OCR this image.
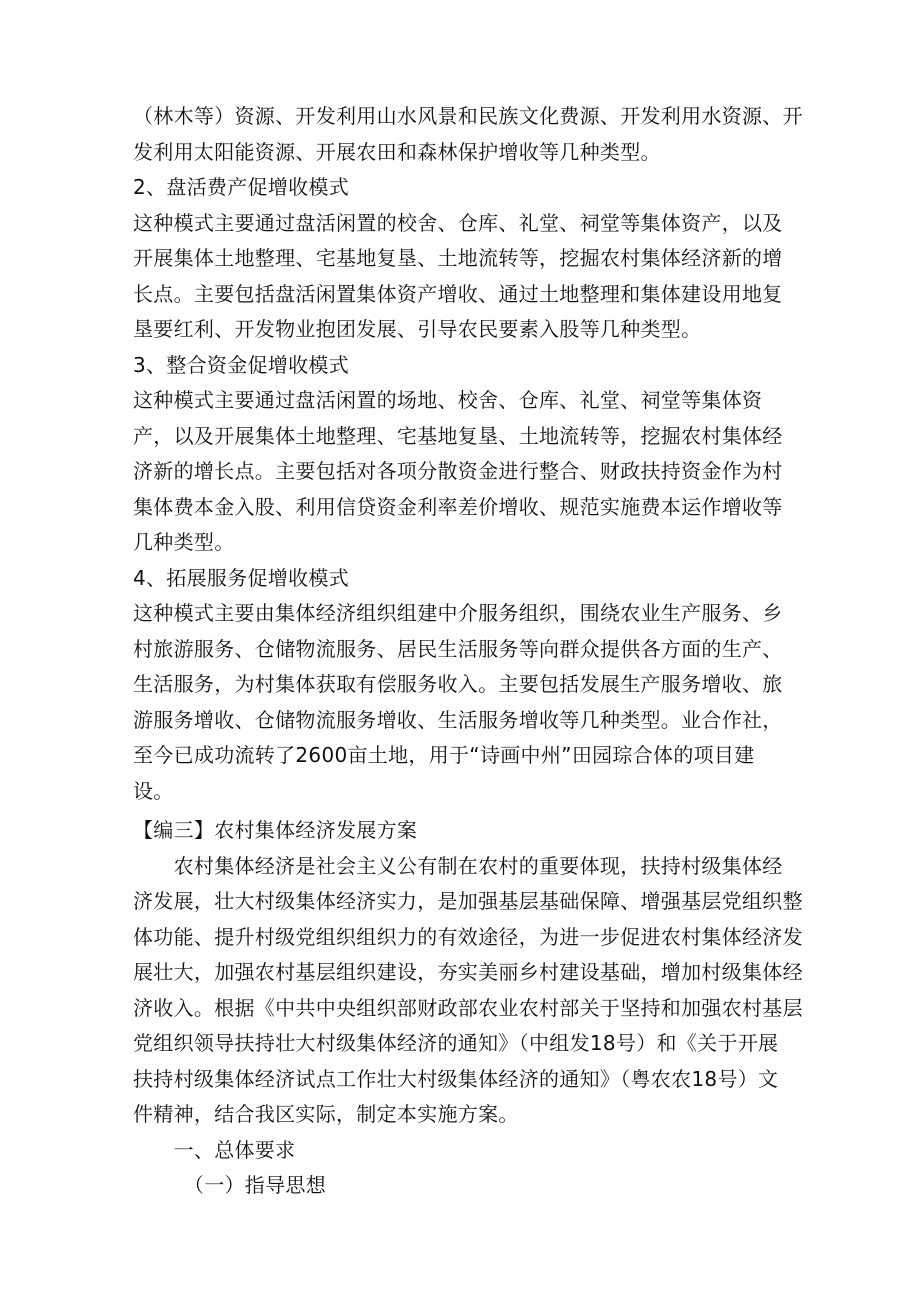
（林木等）资源、开发利用山水风景和民族文化费源、开发利用水资源、开

发利用太阳能资源、开展农田和森林保护增收等几种类型。

2、盘活费产促增收模式

这种模式主要通过盘活闲置的校舍、仓库、礼堂、祠堂等集体资产，以及

开展集体土地整理、宅基地复垦、土地流转等，挖掘农村集体经济新的增

长点。主要包括盘活闲置集体资产增收、通过土地整理和集体建设用地复

垦要红利、开发物业抱团发展、引导农民要素入股等几种类型。

3、整合资金促增收模式

这种模式主要通过盘活闲置的场地、校舍、仓库、礼堂、祠堂等集体资

产，以及开展集体土地整理、宅基地复垦、土地流转等，挖掘农村集体经

济新的增长点。主要包括对各项分散资金进行整合、财政扶持资金作为村

集体费本金入股、利用信贷资金利率差价增收、规范实施费本运作增收等

几种类型。

4、拓展服务促增收模式

这种模式主要由集体经济组织组建中介服务组织，围绕农业生产服务、乡

村旅游服务、仓储物流服务、居民生活服务等向群众提供各方面的生产、

生活服务，为村集体获取有偿服务收入。主要包括发展生产服务增收、旅

游服务增收、仓储物流服务增收、生活服务增收等几种类型。业合作社，

至今已成功流转了2600亩土地，用于“诗画中州”田园琮合体的项目建

设。

【编三】农村集体经济发展方案

　　农村集体经济是社会主义公有制在农村的重要体现，扶持村级集体经

济发展，壮大村级集体经济实力，是加强基层基础保障、增强基层党组织整

体功能、提升村级党组织组织力的有效途径，为进一步促进农村集体经济发

展壮大，加强农村基层组织建设，夯实美丽乡村建设基础，增加村级集体经

济收入。根据《中共中央组织部财政部农业农村部关于坚持和加强农村基层

党组织领导扶持壮大村级集体经济的通知》（中组发18号）和《关于开展

扶持村级集体经济试点工作壮大村级集体经济的通知》（粤农农18号）文

件精神，结合我区实际，制定本实施方案。

　　一、总体要求

　　　（一）指导思想
